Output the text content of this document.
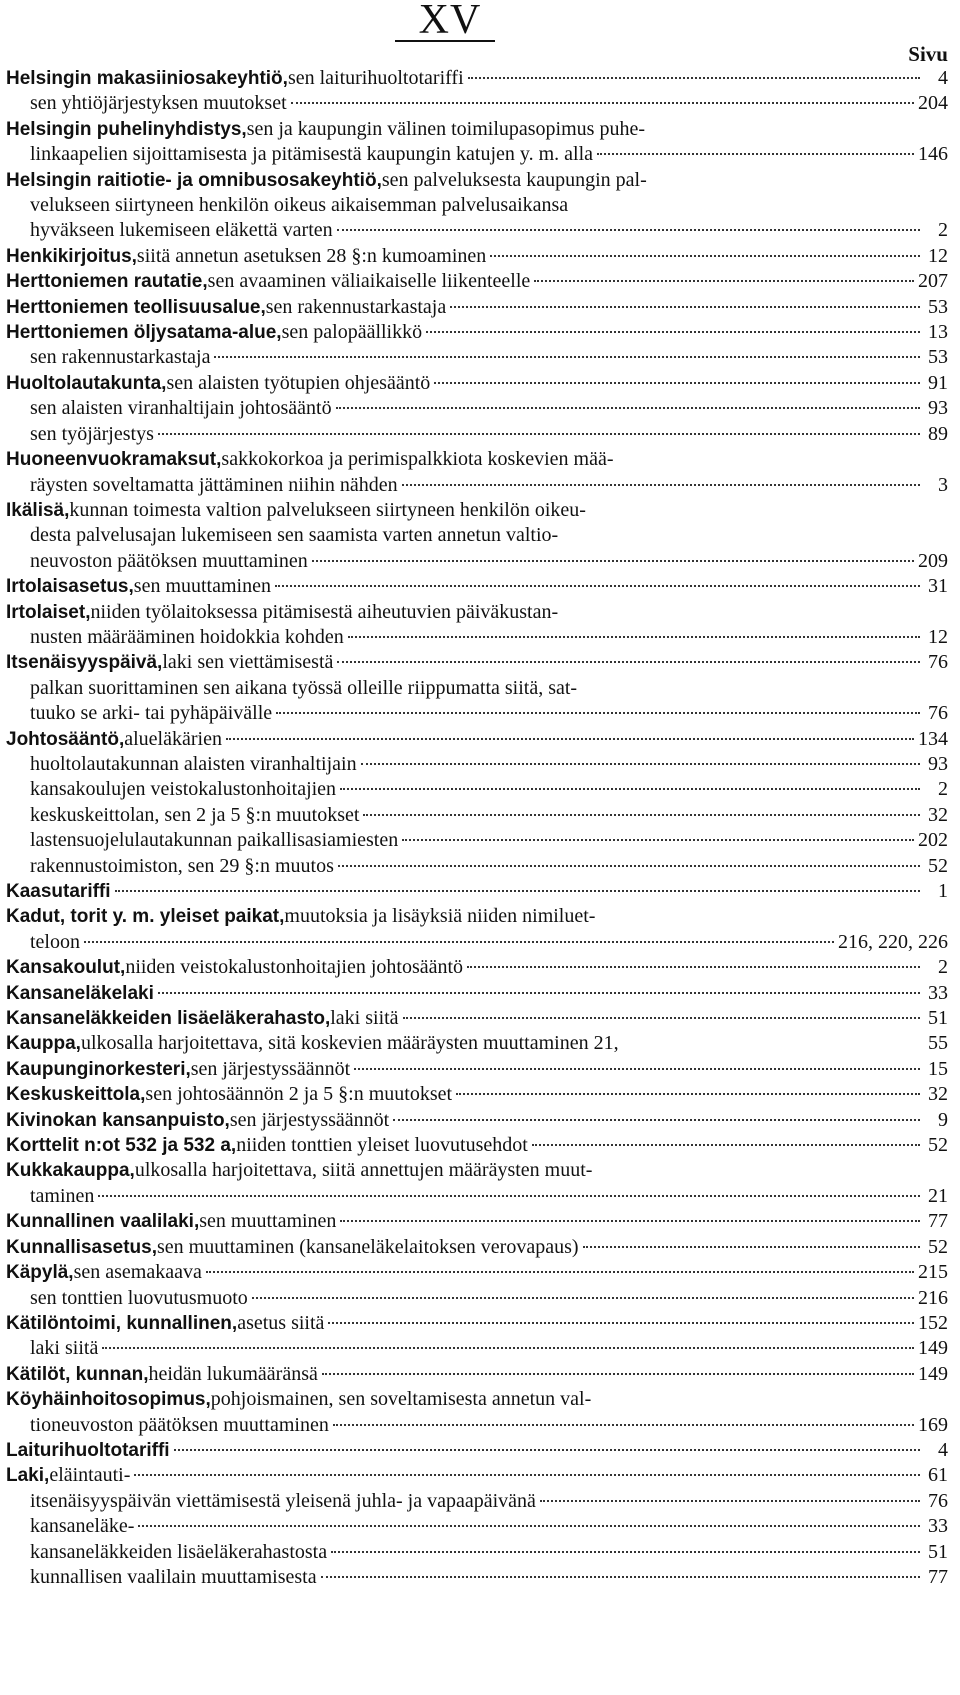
XV
Sivu
Helsingin makasiiniosakeyhtiö, sen laiturihuoltotariffi	4
sen yhtiöjärjestyksen muutokset	204
Helsingin puhelinyhdistys, sen ja kaupungin välinen toimilupasopimus puhe-
linkaapelien sijoittamisesta ja pitämisestä kaupungin katujen y. m. alla	146
Helsingin raitiotie- ja omnibusosakeyhtiö, sen palveluksesta kaupungin pal-
velukseen siirtyneen henkilön oikeus aikaisemman palvelusaikansa
hyväkseen lukemiseen eläkettä varten	2
Henkikirjoitus, siitä annetun asetuksen 28 §:n kumoaminen	12
Herttoniemen rautatie, sen avaaminen väliaikaiselle liikenteelle	207
Herttoniemen teollisuusalue, sen rakennustarkastaja	53
Herttoniemen öljysatama-alue, sen palopäällikkö	13
sen rakennustarkastaja	53
Huoltolautakunta, sen alaisten työtupien ohjesääntö	91
sen alaisten viranhaltijain johtosääntö	93
sen työjärjestys	89
Huoneenvuokramaksut, sakkokorkoa ja perimispalkkiota koskevien mää-
räysten soveltamatta jättäminen niihin nähden	3
Ikälisä, kunnan toimesta valtion palvelukseen siirtyneen henkilön oikeu-
desta palvelusajan lukemiseen sen saamista varten annetun valtio-
neuvoston päätöksen muuttaminen	209
Irtolaisasetus, sen muuttaminen	31
Irtolaiset, niiden työlaitoksessa pitämisestä aiheutuvien päiväkustan-
nusten määrääminen hoidokkia kohden	12
Itsenäisyyspäivä, laki sen viettämisestä	76
palkan suorittaminen sen aikana työssä olleille riippumatta siitä, sat-
tuuko se arki- tai pyhäpäivälle	76
Johtosääntö, alueläkärien	134
huoltolautakunnan alaisten viranhaltijain	93
kansakoulujen veistokalustonhoitajien	2
keskuskeittolan, sen 2 ja 5 §:n muutokset	32
lastensuojelulautakunnan paikallisasiamiesten	202
rakennustoimiston, sen 29 §:n muutos	52
Kaasutariffi	1
Kadut, torit y. m. yleiset paikat, muutoksia ja lisäyksiä niiden nimiluet-
teloon	216, 220, 226
Kansakoulut, niiden veistokalustonhoitajien johtosääntö	2
Kansaneläkelaki	33
Kansaneläkkeiden lisäeläkerahasto, laki siitä	51
Kauppa, ulkosalla harjoitettava, sitä koskevien määräysten muuttaminen 21,	55
Kaupunginorkesteri, sen järjestyssäännöt	15
Keskuskeittola, sen johtosäännön 2 ja 5 §:n muutokset	32
Kivinokan kansanpuisto, sen järjestyssäännöt	9
Korttelit n:ot 532 ja 532 a, niiden tonttien yleiset luovutusehdot	52
Kukkakauppa, ulkosalla harjoitettava, siitä annettujen määräysten muut-
taminen	21
Kunnallinen vaalilaki, sen muuttaminen	77
Kunnallisasetus, sen muuttaminen (kansaneläkelaitoksen verovapaus)	52
Käpylä, sen asemakaava	215
sen tonttien luovutusmuoto	216
Kätilöntoimi, kunnallinen, asetus siitä	152
laki siitä	149
Kätilöt, kunnan, heidän lukumääränsä	149
Köyhäinhoitosopimus, pohjoismainen, sen soveltamisesta annetun val-
tioneuvoston päätöksen muuttaminen	169
Laiturihuoltotariffi	4
Laki, eläintauti-	61
itsenäisyyspäivän viettämisestä yleisenä juhla- ja vapaapäivänä	76
kansaneläke-	33
kansaneläkkeiden lisäeläkerahastosta	51
kunnallisen vaalilain muuttamisesta	77
